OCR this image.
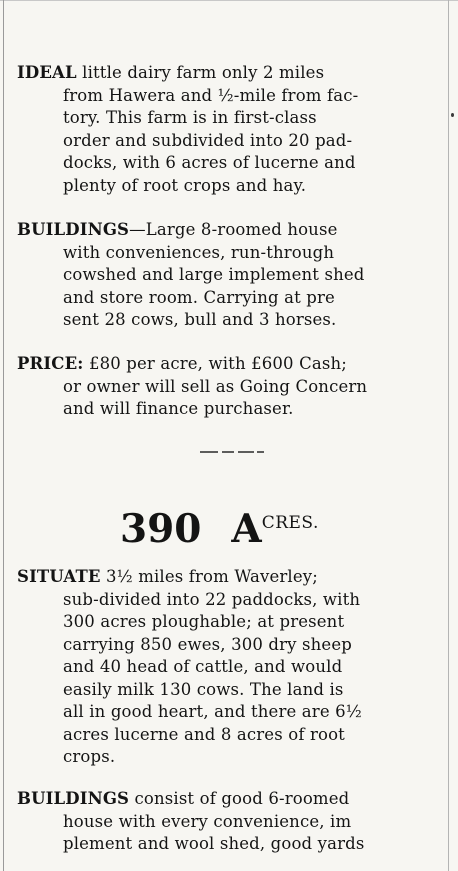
IDEAL little dairy farm only 2 miles
from Hawera and ½-mile from fac-
tory. This farm is in first-class
order and subdivided into 20 pad-
docks, with 6 acres of lucerne and
plenty of root crops and hay.
BUILDINGS—Large 8-roomed house
with conveniences, run-through
cowshed and large implement shed
and store room. Carrying at pre
sent 28 cows, bull and 3 horses.
PRICE: £80 per acre, with £600 Cash;
or owner will sell as Going Concern
and will finance purchaser.
390 ACRES.
SITUATE 3½ miles from Waverley;
sub-divided into 22 paddocks, with
300 acres ploughable; at present
carrying 850 ewes, 300 dry sheep
and 40 head of cattle, and would
easily milk 130 cows. The land is
all in good heart, and there are 6½
acres lucerne and 8 acres of root
crops.
BUILDINGS consist of good 6-roomed
house with every convenience, im
plement and wool shed, good yards
